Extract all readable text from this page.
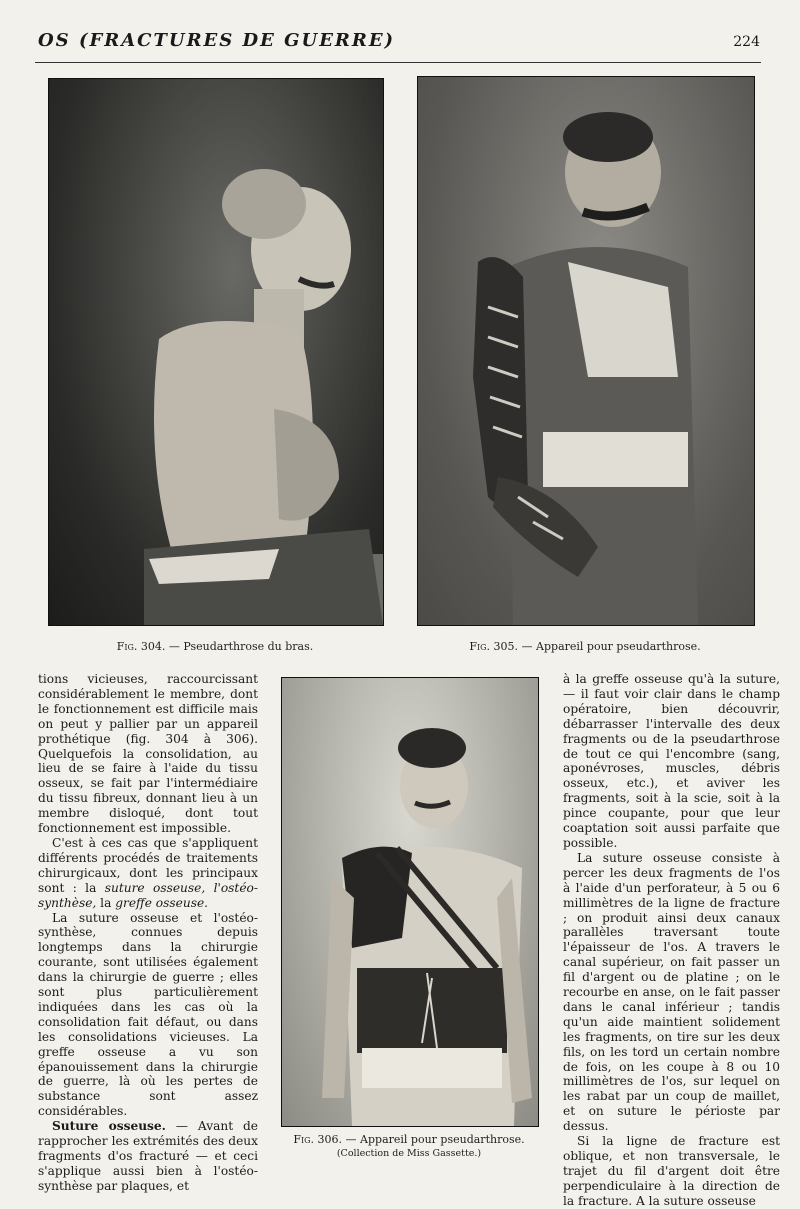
OS (FRACTURES DE GUERRE)	224
Fig. 304. — Pseudarthrose du bras.	Fig. 305. — Appareil pour pseudarthrose.
Fig. 306. — Appareil pour pseudarthrose.
(Collection de Miss Gassette.)

tions vicieuses, raccourcissant considérablement le membre, dont le fonctionnement est difficile mais on peut y pallier par un appareil prothétique (fig. 304 à 306). Quelquefois la consolidation, au lieu de se faire à l'aide du tissu osseux, se fait par l'intermédiaire du tissu fibreux, donnant lieu à un membre disloqué, dont tout fonctionnement est impossible.

C'est à ces cas que s'appliquent différents procédés de traitements chirurgicaux, dont les principaux sont : la suture osseuse, l'ostéo-synthèse, la greffe osseuse.

La suture osseuse et l'ostéo-synthèse, connues depuis longtemps dans la chirurgie courante, sont utilisées également dans la chirurgie de guerre ; elles sont plus particulièrement indiquées dans les cas où la consolidation fait défaut, ou dans les consolidations vicieuses. La greffe osseuse a vu son épanouissement dans la chirurgie de guerre, là où les pertes de substance sont assez considérables.

Suture osseuse. — Avant de rapprocher les extrémités des deux fragments d'os fracturé — et ceci s'applique aussi bien à l'ostéo-synthèse par plaques, et

à la greffe osseuse qu'à la suture, — il faut voir clair dans le champ opératoire, bien découvrir, débarrasser l'intervalle des deux fragments ou de la pseudarthrose de tout ce qui l'encombre (sang, aponévroses, muscles, débris osseux, etc.), et aviver les fragments, soit à la scie, soit à la pince coupante, pour que leur coaptation soit aussi parfaite que possible.

La suture osseuse consiste à percer les deux fragments de l'os à l'aide d'un perforateur, à 5 ou 6 millimètres de la ligne de fracture ; on produit ainsi deux canaux parallèles traversant toute l'épaisseur de l'os. A travers le canal supérieur, on fait passer un fil d'argent ou de platine ; on le recourbe en anse, on le fait passer dans le canal inférieur ; tandis qu'un aide maintient solidement les fragments, on tire sur les deux fils, on les tord un certain nombre de fois, on les coupe à 8 ou 10 millimètres de l'os, sur lequel on les rabat par un coup de maillet, et on suture le périoste par dessus.

Si la ligne de fracture est oblique, et non transversale, le trajet du fil d'argent doit être perpendiculaire à la direction de la fracture. A la suture osseuse
